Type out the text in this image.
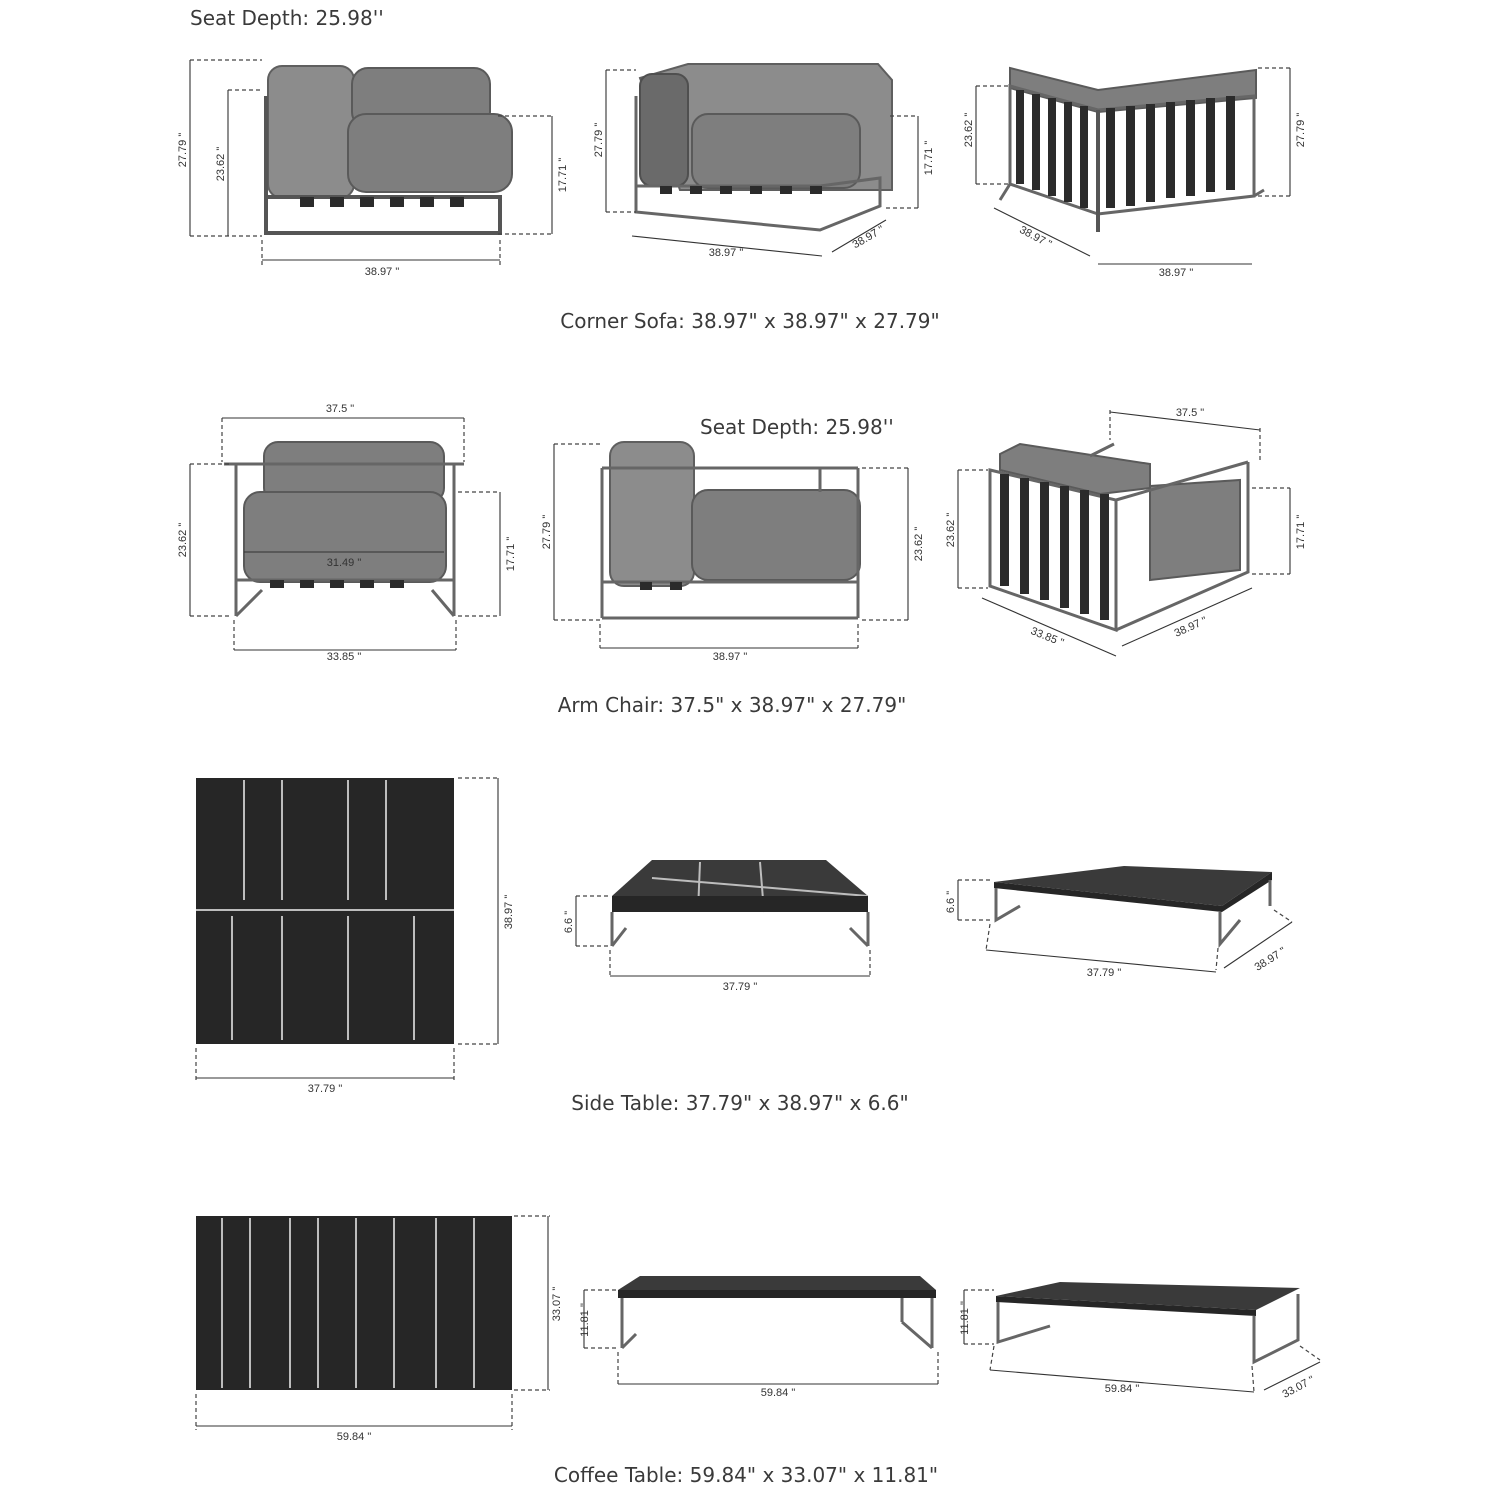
Seat Depth: 25.98''
27.79 " 23.62 "	17.71 "
38.97 "
27.79 "
17.71 "
38.97 "
38.97 "
23.62 "	27.79 "
38.97 "
38.97 "
Corner Sofa: 38.97" x 38.97" x 27.79"
37.5 "
23.62 "
31.49 "	17.71 "
33.85 "
Seat Depth: 25.98''
27.79 "	23.62 "
38.97 "
37.5 "
23.62 "	17.71 "
33.85 "	38.97 "
Arm Chair: 37.5" x 38.97" x 27.79"
38.97 "
37.79 "
6.6 "
37.79 "
6.6 "
37.79 "	38.97 "
Side Table: 37.79" x 38.97" x 6.6"
33.07 "
59.84 "
11.81 "
59.84 "
11.81 "
59.84 "	33.07 "
Coffee Table: 59.84" x 33.07" x 11.81"
